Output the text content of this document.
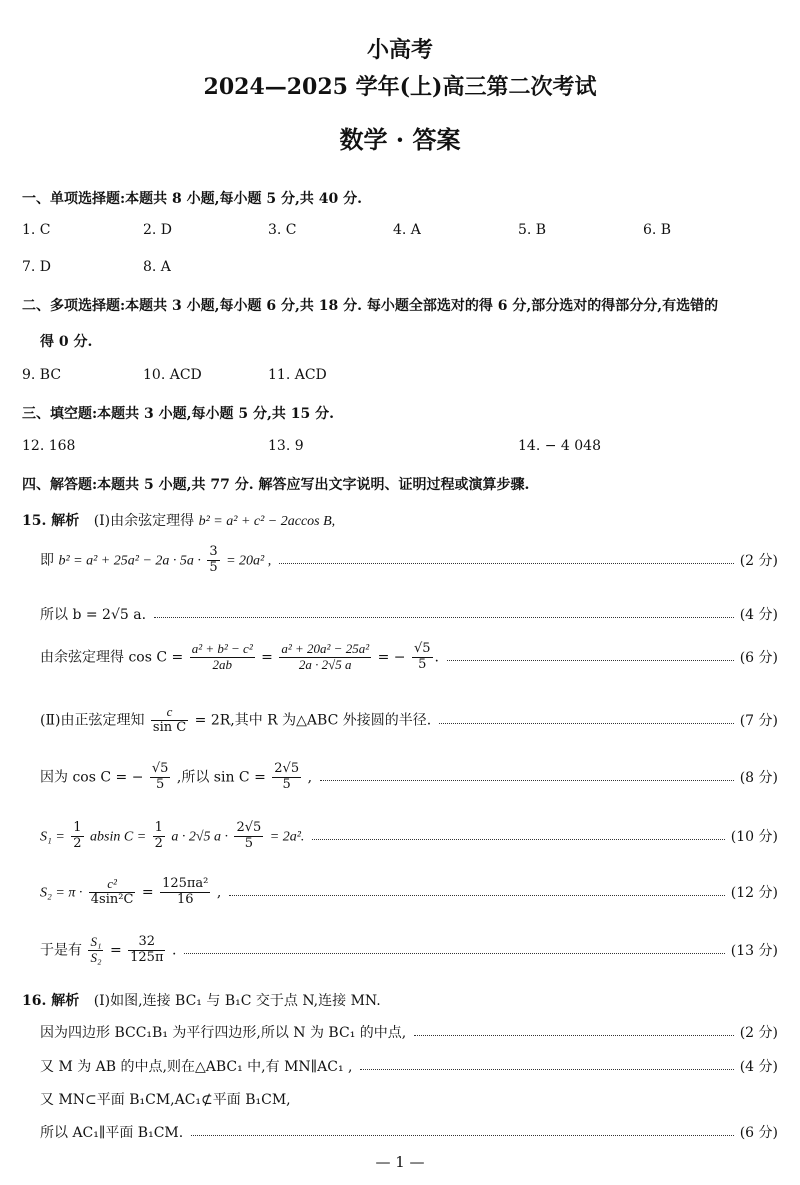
小高考
2024—2025 学年(上)高三第二次考试
数学 · 答案
一、单项选择题:本题共 8 小题,每小题 5 分,共 40 分.
1. C	2. D	3. C	4. A	5. B	6. B
7. D	8. A
二、多项选择题:本题共 3 小题,每小题 6 分,共 18 分. 每小题全部选对的得 6 分,部分选对的得部分分,有选错的
得 0 分.
9. BC	10. ACD	11. ACD
三、填空题:本题共 3 小题,每小题 5 分,共 15 分.
12. 168	13. 9	14. − 4 048
四、解答题:本题共 5 小题,共 77 分. 解答应写出文字说明、证明过程或演算步骤.
15. 解析 (Ⅰ)由余弦定理得 b² = a² + c² − 2accos B,
即 $b^2 = a^2 + 25a^2 - 2a \cdot 5a \cdot \frac{3}{5} = 20a^2$ ,	(2 分)
所以 b = 2√5 a.	(4 分)
由余弦定理得 $\cos C = \frac{\text{a² + b² − c²}}{2ab} = \frac{\text{a² + 20a² − 25a²}}{2a \cdot 2√5 a}$ = − $\frac{√5}{5}$ .	(6 分)
(Ⅱ)由正弦定理知 $\frac{c}{\text{sin C}} = 2R$,其中 R 为△ABC 外接圆的半径.	(7 分)
因为 cos C = − $\frac{√5}{5}$ ,所以 $\sin C = \frac{2√5}{5}$ ,	(8 分)
$S_1 = \frac{1}{2}$ absin $C = \frac{1}{2}$ a · 2√5 $a \cdot \frac{2√5}{5} = 2a^2$.	(10 分)
$S_2 = \pi \cdot \frac{\text{c²}}{\text{4sin²C}} = \frac{\text{125πa²}}{16}$ ,	(12 分)
于是有 $\frac{\text{S₁}}{\text{S₂}} = \frac{32}{125\pi}$ .	(13 分)
16. 解析 (Ⅰ)如图,连接 BC₁ 与 B₁C 交于点 N,连接 MN.
因为四边形 BCC₁B₁ 为平行四边形,所以 N 为 BC₁ 的中点,	(2 分)
又 M 为 AB 的中点,则在△ABC₁ 中,有 MN∥AC₁ ,	(4 分)
又 MN⊂平面 B₁CM,AC₁⊄平面 B₁CM,
所以 AC₁∥平面 B₁CM.	(6 分)
— 1 —
